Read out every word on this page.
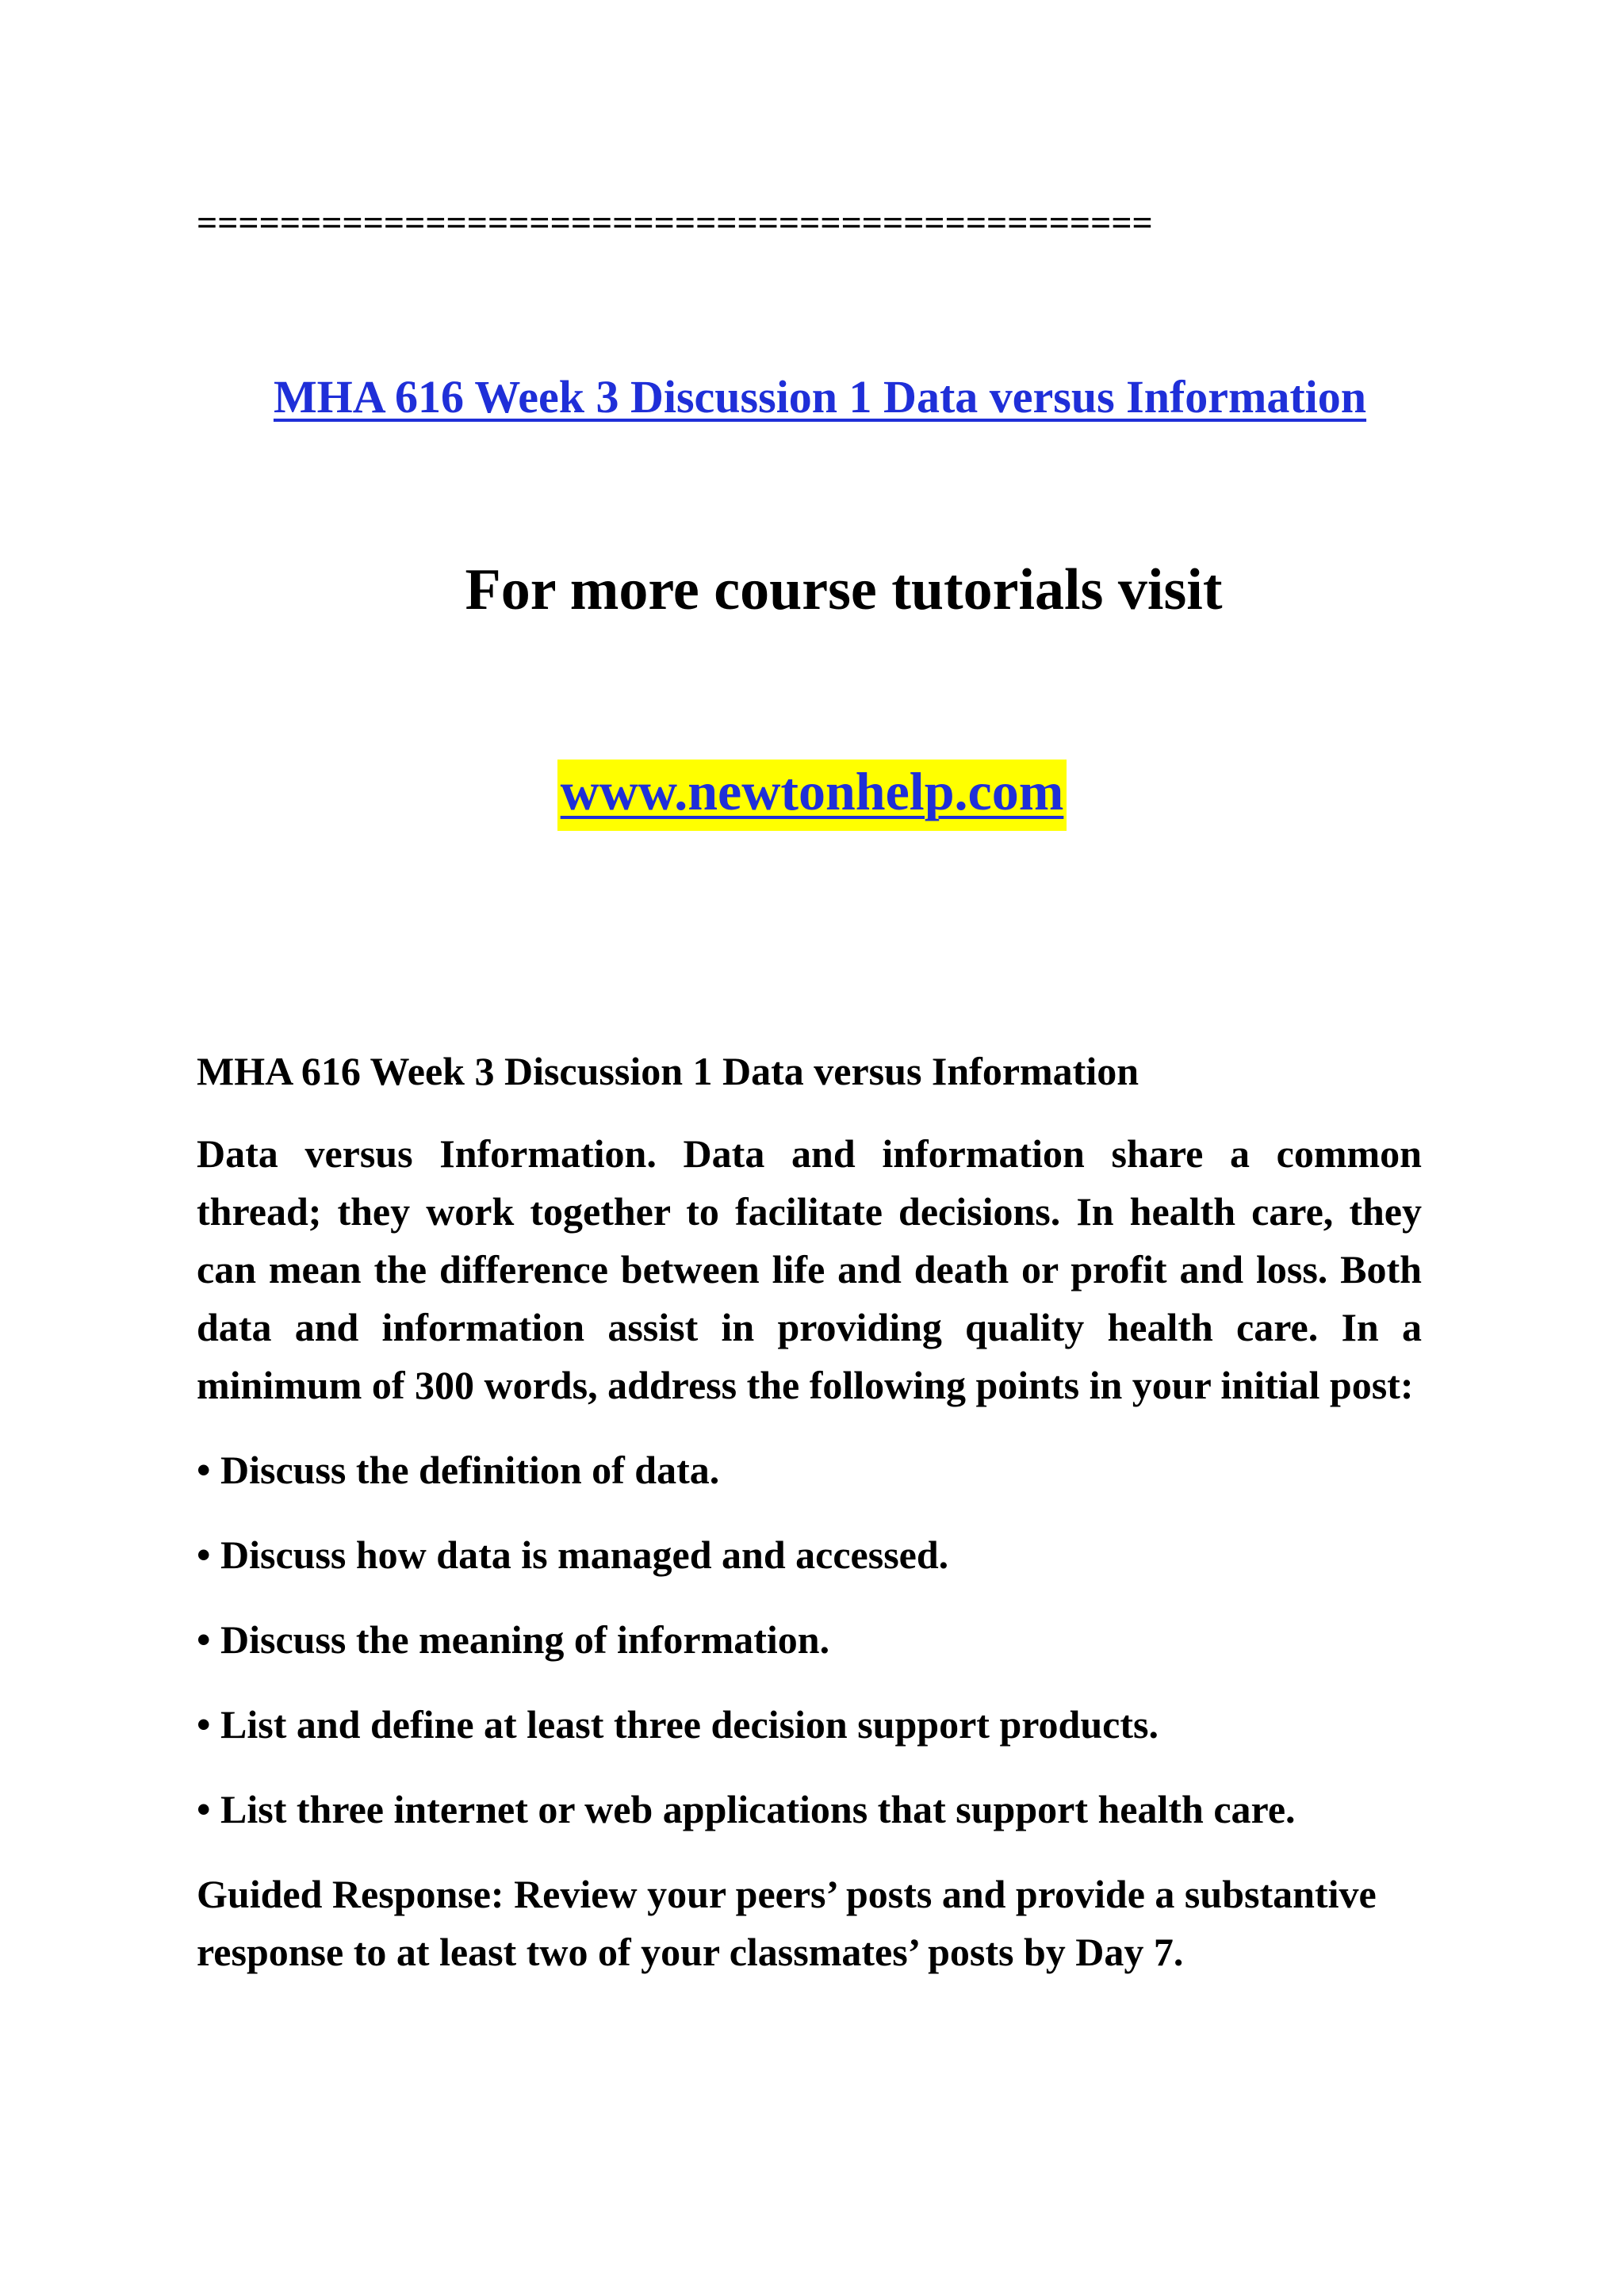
==============================================
MHA 616 Week 3 Discussion 1 Data versus Information
For more course tutorials visit
www.newtonhelp.com

MHA 616 Week 3 Discussion 1 Data versus Information

Data versus Information. Data and information share a common thread; they work together to facilitate decisions. In health care, they can mean the difference between life and death or profit and loss. Both data and information assist in providing quality health care. In a minimum of 300 words, address the following points in your initial post:

• Discuss the definition of data.

• Discuss how data is managed and accessed.

• Discuss the meaning of information.

• List and define at least three decision support products.

• List three internet or web applications that support health care.

Guided Response: Review your peers’ posts and provide a substantive response to at least two of your classmates’ posts by Day 7.
